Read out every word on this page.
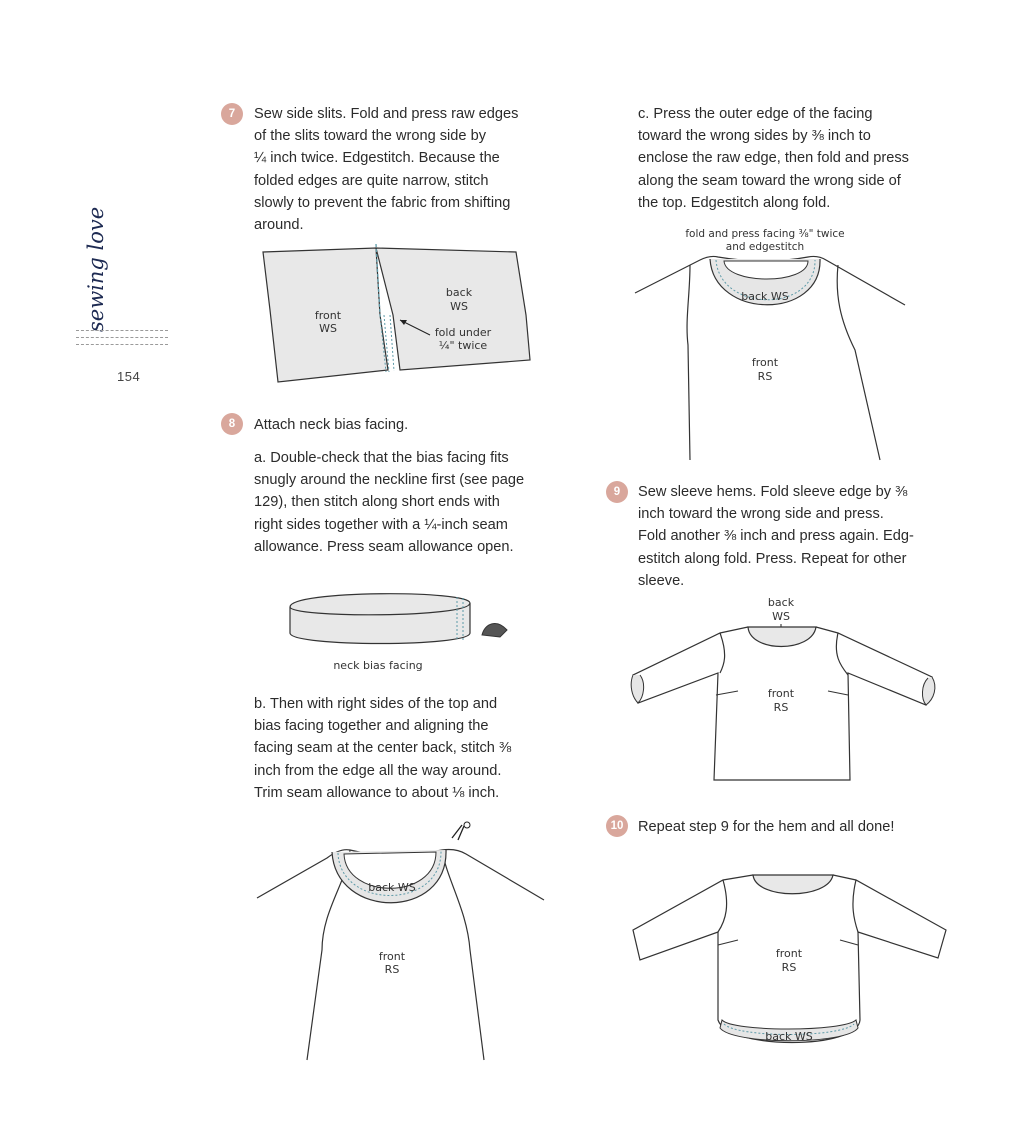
sewing love
154
7	Sew side slits. Fold and press raw edges
of the slits toward the wrong side by
¼ inch twice. Edgestitch. Because the
folded edges are quite narrow, stitch
slowly to prevent the fabric from shifting
around.
front
WS
back
WS
fold under
¼" twice
8	Attach neck bias facing.
a. Double-check that the bias facing fits
snugly around the neckline first (see page
129), then stitch along short ends with
right sides together with a ¼-inch seam
allowance. Press seam allowance open.
neck bias facing
b. Then with right sides of the top and
bias facing together and aligning the
facing seam at the center back, stitch ⅜
inch from the edge all the way around.
Trim seam allowance to about ⅛ inch.
back WS
front
RS
c. Press the outer edge of the facing
toward the wrong sides by ⅜ inch to
enclose the raw edge, then fold and press
along the seam toward the wrong side of
the top. Edgestitch along fold.
fold and press facing ⅜" twice
and edgestitch
back WS
front
RS
9	Sew sleeve hems. Fold sleeve edge by ⅜
inch toward the wrong side and press.
Fold another ⅜ inch and press again. Edg-
estitch along fold. Press. Repeat for other
sleeve.
back
WS
front
RS
10	Repeat step 9 for the hem and all done!
front
RS
back WS
